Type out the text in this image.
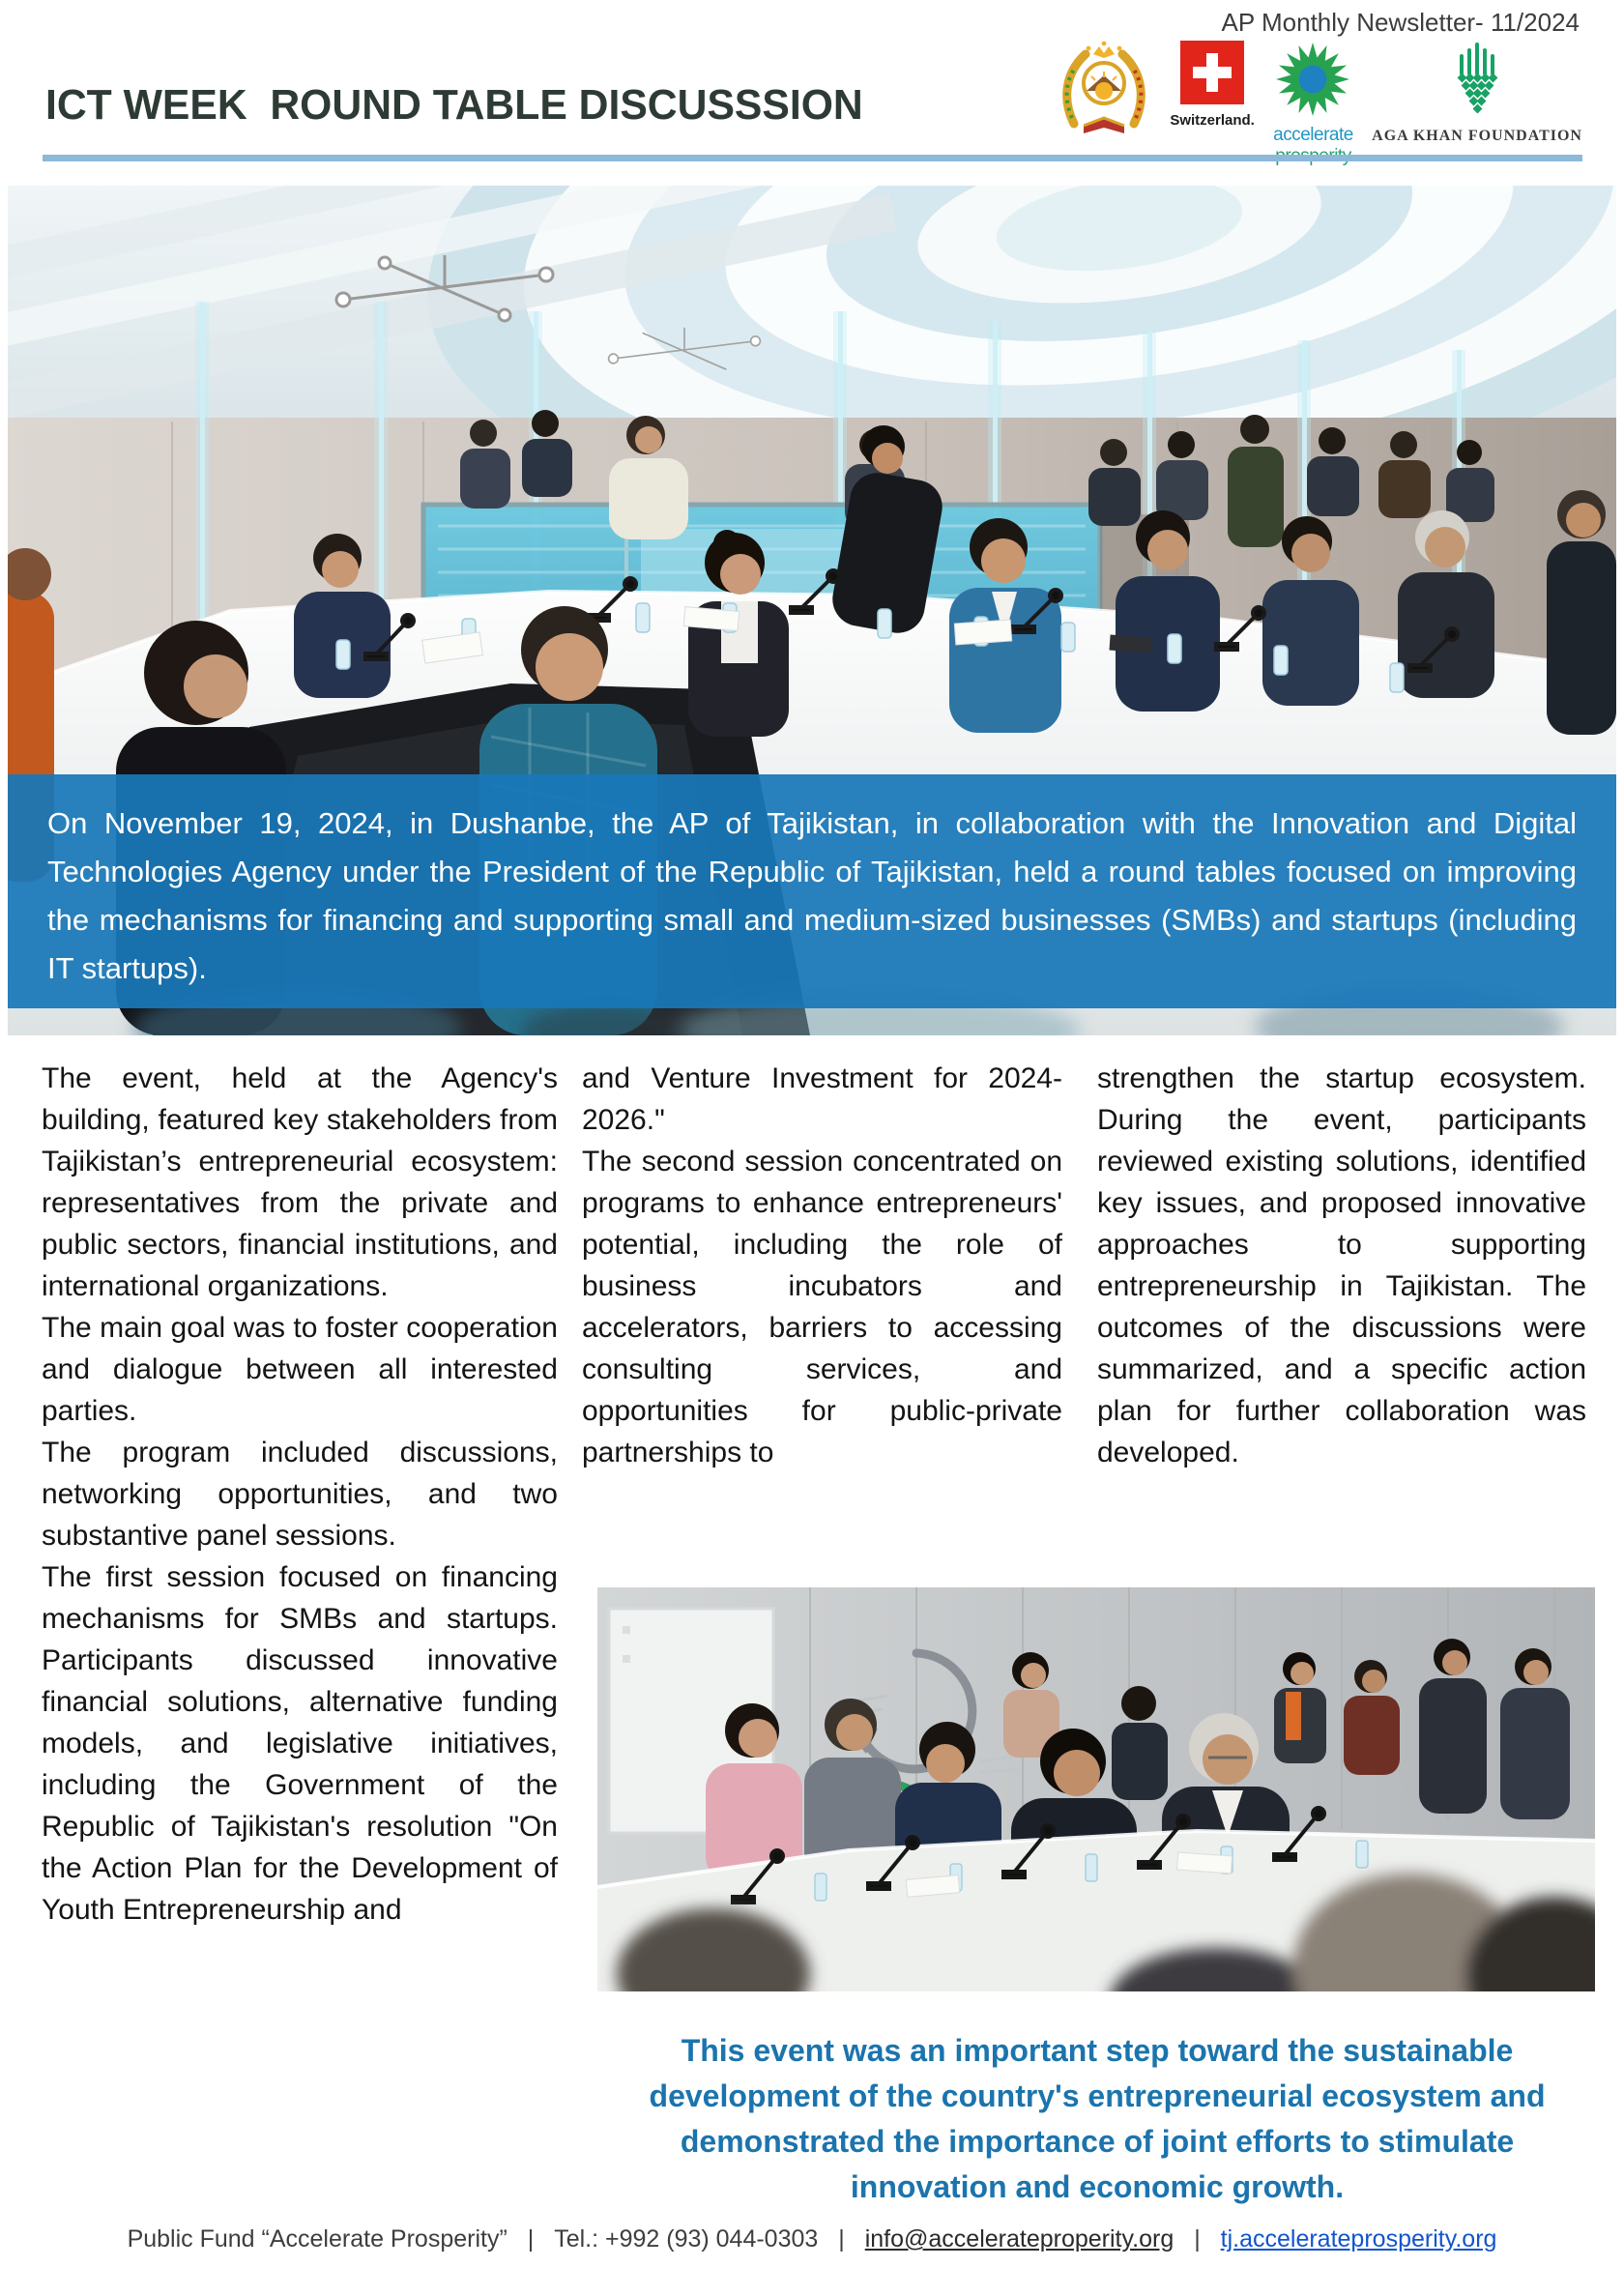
AP Monthly Newsletter- 11/2024
ICT WEEK  ROUND TABLE DISCUSSSION	Switzerland.
accelerate AGA KHAN FOUNDATION
On November 19, 2024, in Dushanbe, the AP of Tajikistan, in collaboration with the Innovation and Digital Technologies Agency under the President of the Republic of Tajikistan, held a round tables focused on improving the mechanisms for financing and supporting small and medium-sized businesses (SMBs) and startups (including IT startups).

The event, held at the Agency's building, featured key stakeholders from Tajikistan’s entrepreneurial ecosystem: representatives from the private and public sectors, financial institutions, and international organizations.

The main goal was to foster cooperation and dialogue between all interested parties.

The program included discussions, networking opportunities, and two substantive panel sessions.

The first session focused on financing mechanisms for SMBs and startups. Participants discussed innovative financial solutions, alternative funding models, and legislative initiatives, including the Government of the Republic of Tajikistan's resolution "On the Action Plan for the Development of Youth Entrepreneurship and

and Venture Investment for 2024-2026."

The second session concentrated on programs to enhance entrepreneurs' potential, including the role of business incubators and accelerators, barriers to accessing consulting services, and opportunities for public-private partnerships to

strengthen the startup ecosystem. During the event, participants reviewed existing solutions, identified key issues, and proposed innovative approaches to supporting entrepreneurship in Tajikistan. The outcomes of the discussions were summarized, and a specific action plan for further collaboration was developed.

This event was an important step toward the sustainable development of the country's entrepreneurial ecosystem and demonstrated the importance of joint efforts to stimulate innovation and economic growth.
Public Fund “Accelerate Prosperity” | Tel.: +992 (93) 044-0303 | info@accelerateproperity.org | tj.accelerateprosperity.org
